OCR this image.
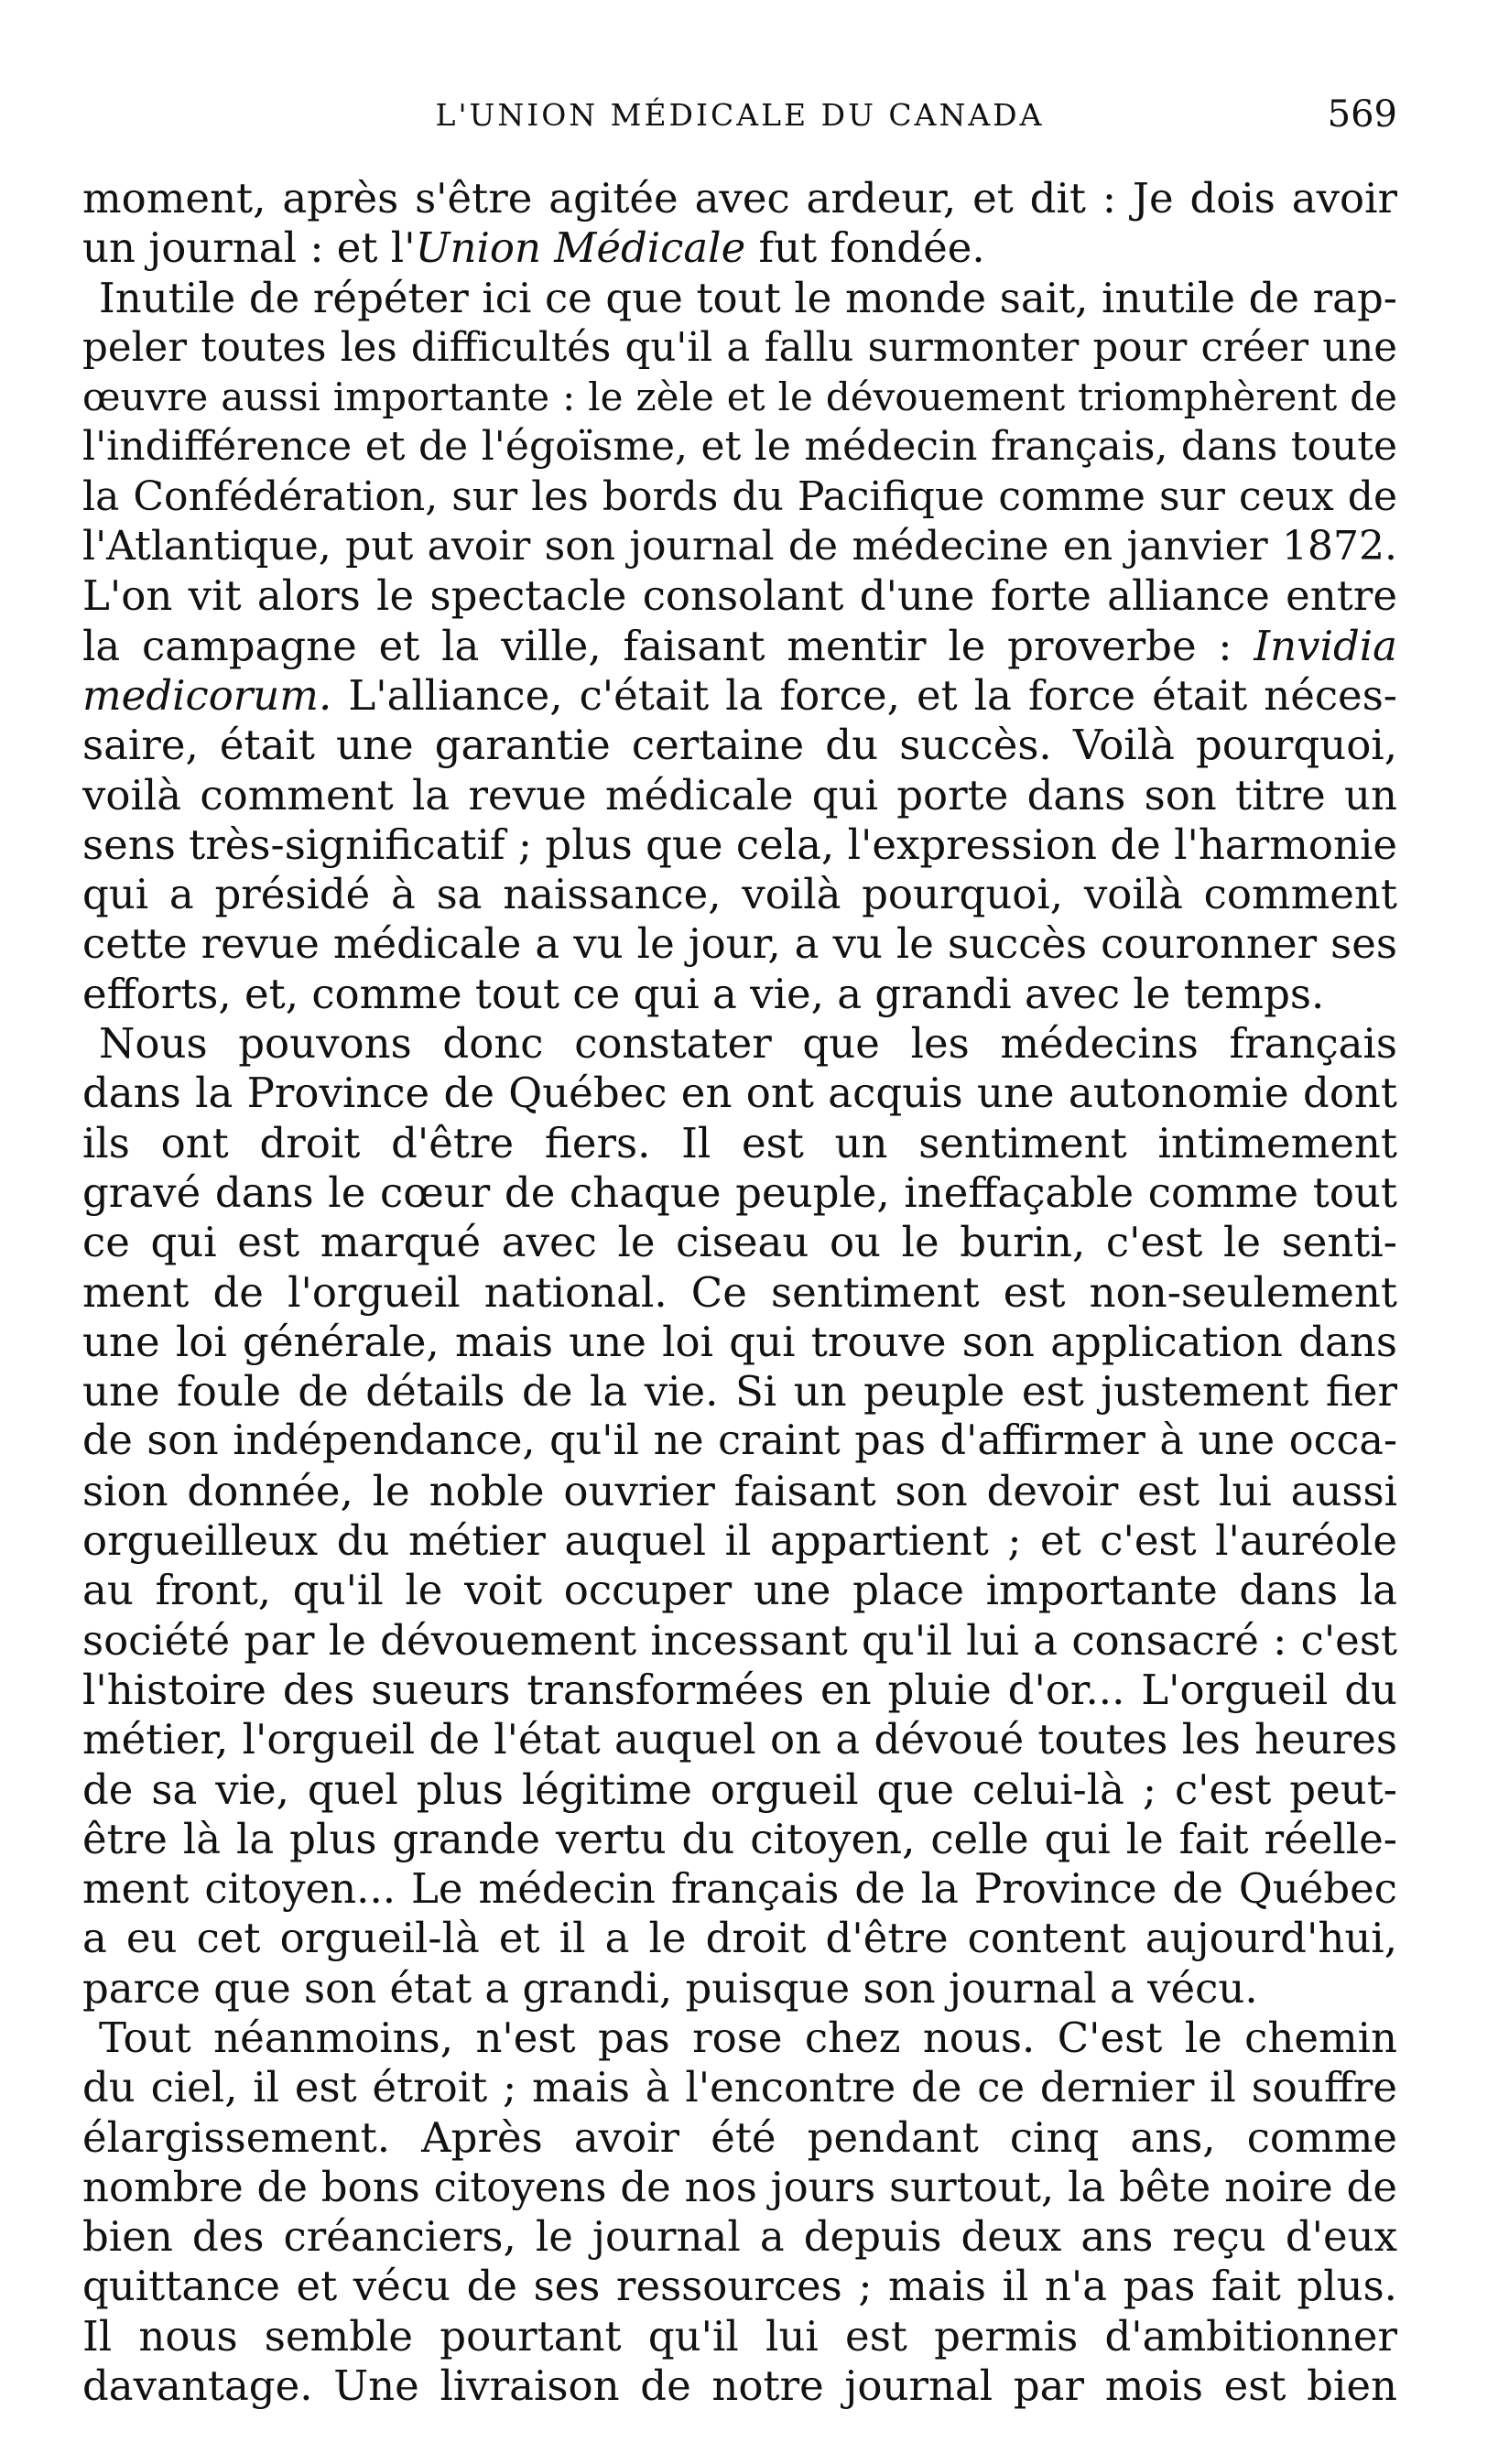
L'UNION MÉDICALE DU CANADA	569
moment, après s'être agitée avec ardeur, et dit : Je dois avoir
un journal : et l'Union Médicale fut fondée.
Inutile de répéter ici ce que tout le monde sait, inutile de rap-
peler toutes les difficultés qu'il a fallu surmonter pour créer une
œuvre aussi importante : le zèle et le dévouement triomphèrent de
l'indifférence et de l'égoïsme, et le médecin français, dans toute
la Confédération, sur les bords du Pacifique comme sur ceux de
l'Atlantique, put avoir son journal de médecine en janvier 1872.
L'on vit alors le spectacle consolant d'une forte alliance entre
la campagne et la ville, faisant mentir le proverbe : Invidia
medicorum. L'alliance, c'était la force, et la force était néces-
saire, était une garantie certaine du succès. Voilà pourquoi,
voilà comment la revue médicale qui porte dans son titre un
sens très-significatif ; plus que cela, l'expression de l'harmonie
qui a présidé à sa naissance, voilà pourquoi, voilà comment
cette revue médicale a vu le jour, a vu le succès couronner ses
efforts, et, comme tout ce qui a vie, a grandi avec le temps.
Nous pouvons donc constater que les médecins français
dans la Province de Québec en ont acquis une autonomie dont
ils ont droit d'être fiers. Il est un sentiment intimement
gravé dans le cœur de chaque peuple, ineffaçable comme tout
ce qui est marqué avec le ciseau ou le burin, c'est le senti-
ment de l'orgueil national. Ce sentiment est non-seulement
une loi générale, mais une loi qui trouve son application dans
une foule de détails de la vie. Si un peuple est justement fier
de son indépendance, qu'il ne craint pas d'affirmer à une occa-
sion donnée, le noble ouvrier faisant son devoir est lui aussi
orgueilleux du métier auquel il appartient ; et c'est l'auréole
au front, qu'il le voit occuper une place importante dans la
société par le dévouement incessant qu'il lui a consacré : c'est
l'histoire des sueurs transformées en pluie d'or... L'orgueil du
métier, l'orgueil de l'état auquel on a dévoué toutes les heures
de sa vie, quel plus légitime orgueil que celui-là ; c'est peut-
être là la plus grande vertu du citoyen, celle qui le fait réelle-
ment citoyen... Le médecin français de la Province de Québec
a eu cet orgueil-là et il a le droit d'être content aujourd'hui,
parce que son état a grandi, puisque son journal a vécu.
Tout néanmoins, n'est pas rose chez nous. C'est le chemin
du ciel, il est étroit ; mais à l'encontre de ce dernier il souffre
élargissement. Après avoir été pendant cinq ans, comme
nombre de bons citoyens de nos jours surtout, la bête noire de
bien des créanciers, le journal a depuis deux ans reçu d'eux
quittance et vécu de ses ressources ; mais il n'a pas fait plus.
Il nous semble pourtant qu'il lui est permis d'ambitionner
davantage. Une livraison de notre journal par mois est bien
